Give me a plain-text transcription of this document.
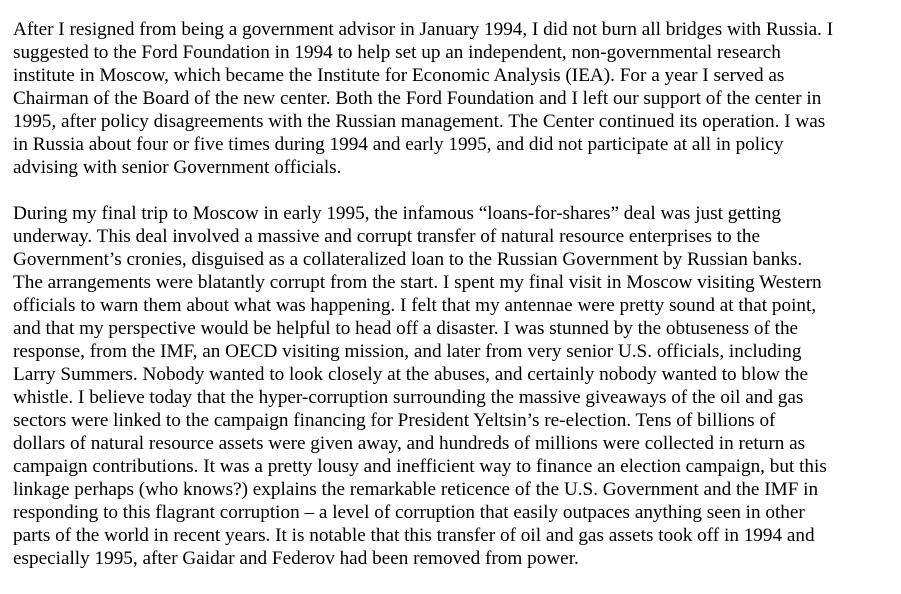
After I resigned from being a government advisor in January 1994, I did not burn all bridges with Russia. I
suggested to the Ford Foundation in 1994 to help set up an independent, non-governmental research
institute in Moscow, which became the Institute for Economic Analysis (IEA). For a year I served as
Chairman of the Board of the new center. Both the Ford Foundation and I left our support of the center in
1995, after policy disagreements with the Russian management. The Center continued its operation. I was
in Russia about four or five times during 1994 and early 1995, and did not participate at all in policy
advising with senior Government officials.
During my final trip to Moscow in early 1995, the infamous “loans-for-shares” deal was just getting
underway. This deal involved a massive and corrupt transfer of natural resource enterprises to the
Government’s cronies, disguised as a collateralized loan to the Russian Government by Russian banks.
The arrangements were blatantly corrupt from the start. I spent my final visit in Moscow visiting Western
officials to warn them about what was happening. I felt that my antennae were pretty sound at that point,
and that my perspective would be helpful to head off a disaster. I was stunned by the obtuseness of the
response, from the IMF, an OECD visiting mission, and later from very senior U.S. officials, including
Larry Summers. Nobody wanted to look closely at the abuses, and certainly nobody wanted to blow the
whistle. I believe today that the hyper-corruption surrounding the massive giveaways of the oil and gas
sectors were linked to the campaign financing for President Yeltsin’s re-election. Tens of billions of
dollars of natural resource assets were given away, and hundreds of millions were collected in return as
campaign contributions. It was a pretty lousy and inefficient way to finance an election campaign, but this
linkage perhaps (who knows?) explains the remarkable reticence of the U.S. Government and the IMF in
responding to this flagrant corruption – a level of corruption that easily outpaces anything seen in other
parts of the world in recent years. It is notable that this transfer of oil and gas assets took off in 1994 and
especially 1995, after Gaidar and Federov had been removed from power.
